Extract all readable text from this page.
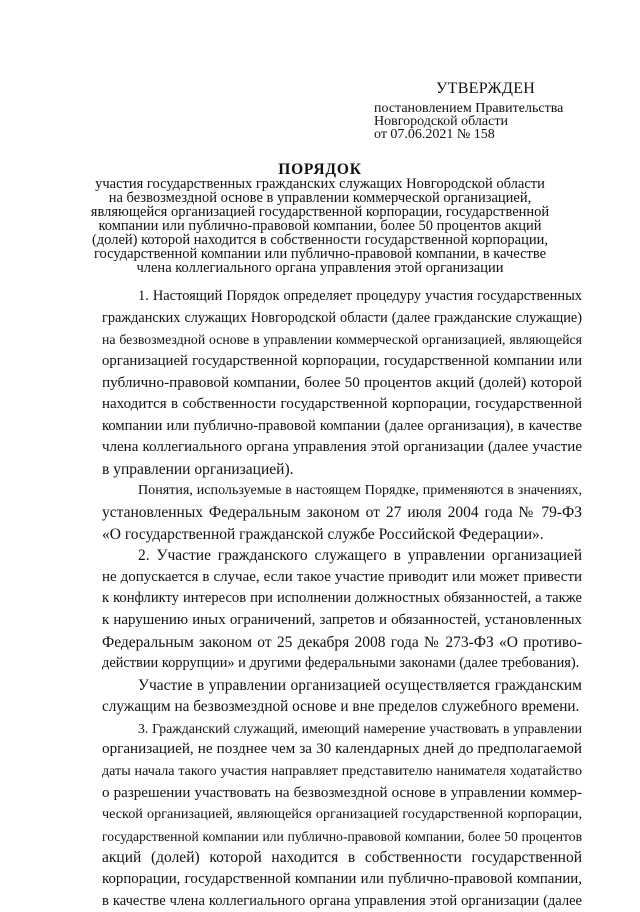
УТВЕРЖДЕН
постановлением Правительства
Новгородской области
от 07.06.2021 № 158
ПОРЯДОК
участия государственных гражданских служащих Новгородской области
на безвозмездной основе в управлении коммерческой организацией,
являющейся организацией государственной корпорации, государственной
компании или публично-правовой компании, более 50 процентов акций
(долей) которой находится в собственности государственной корпорации,
государственной компании или публично-правовой компании, в качестве
члена коллегиального органа управления этой организации
1. Настоящий Порядок определяет процедуру участия государственных
гражданских служащих Новгородской области (далее гражданские служащие)
на безвозмездной основе в управлении коммерческой организацией, являющейся
организацией государственной корпорации, государственной компании или
публично-правовой компании, более 50 процентов акций (долей) которой
находится в собственности государственной корпорации, государственной
компании или публично-правовой компании (далее организация), в качестве
члена коллегиального органа управления этой организации (далее участие
в управлении организацией).
Понятия, используемые в настоящем Порядке, применяются в значениях,
установленных Федеральным законом от 27 июля 2004 года № 79-ФЗ
«О государственной гражданской службе Российской Федерации».
2. Участие гражданского служащего в управлении организацией
не допускается в случае, если такое участие приводит или может привести
к конфликту интересов при исполнении должностных обязанностей, а также
к нарушению иных ограничений, запретов и обязанностей, установленных
Федеральным законом от 25 декабря 2008 года № 273-ФЗ «О противо-
действии коррупции» и другими федеральными законами (далее требования).
Участие в управлении организацией осуществляется гражданским
служащим на безвозмездной основе и вне пределов служебного времени.
3. Гражданский служащий, имеющий намерение участвовать в управлении
организацией, не позднее чем за 30 календарных дней до предполагаемой
даты начала такого участия направляет представителю нанимателя ходатайство
о разрешении участвовать на безвозмездной основе в управлении коммер-
ческой организацией, являющейся организацией государственной корпорации,
государственной компании или публично-правовой компании, более 50 процентов
акций (долей) которой находится в собственности государственной
корпорации, государственной компании или публично-правовой компании,
в качестве члена коллегиального органа управления этой организации (далее
